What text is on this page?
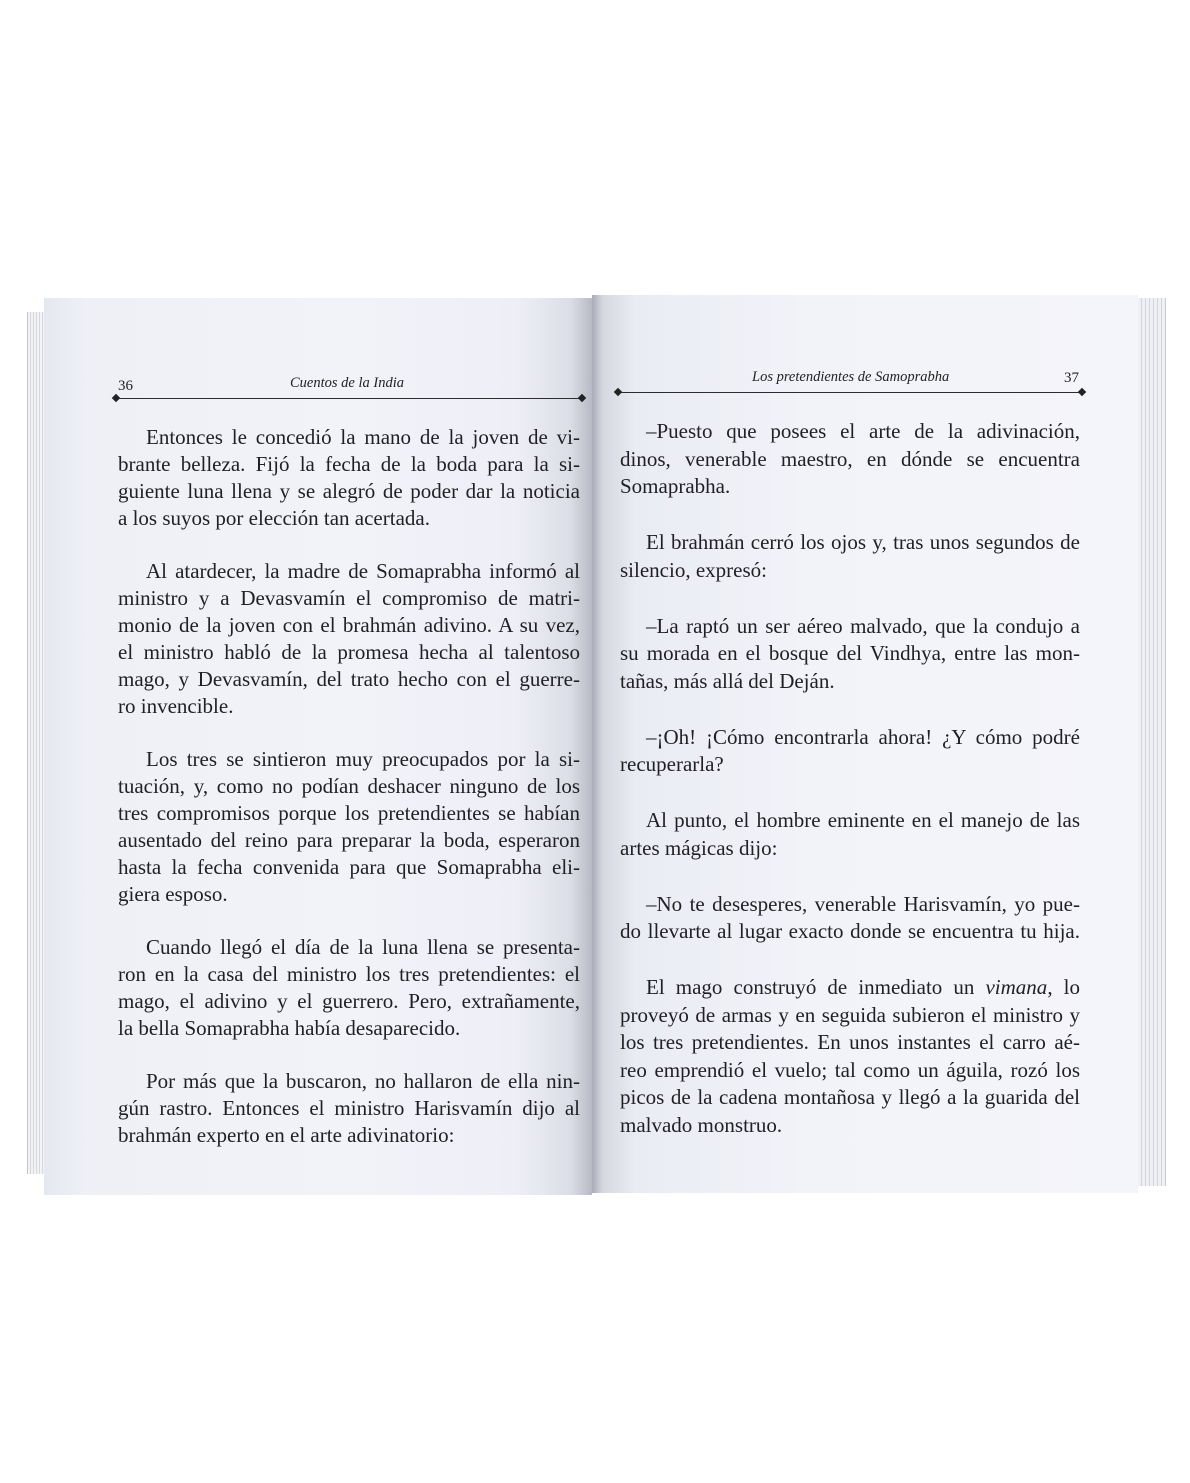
36	Cuentos de la India
Entonces le concedió la mano de la joven de vi-
brante belleza. Fijó la fecha de la boda para la si-
guiente luna llena y se alegró de poder dar la noticia
a los suyos por elección tan acertada.
Al atardecer, la madre de Somaprabha informó al
ministro y a Devasvamín el compromiso de matri-
monio de la joven con el brahmán adivino. A su vez,
el ministro habló de la promesa hecha al talentoso
mago, y Devasvamín, del trato hecho con el guerre-
ro invencible.
Los tres se sintieron muy preocupados por la si-
tuación, y, como no podían deshacer ninguno de los
tres compromisos porque los pretendientes se habían
ausentado del reino para preparar la boda, esperaron
hasta la fecha convenida para que Somaprabha eli-
giera esposo.
Cuando llegó el día de la luna llena se presenta-
ron en la casa del ministro los tres pretendientes: el
mago, el adivino y el guerrero. Pero, extrañamente,
la bella Somaprabha había desaparecido.
Por más que la buscaron, no hallaron de ella nin-
gún rastro. Entonces el ministro Harisvamín dijo al
brahmán experto en el arte adivinatorio:
Los pretendientes de Samoprabha	37
–Puesto que posees el arte de la adivinación,
dinos, venerable maestro, en dónde se encuentra
Somaprabha.
El brahmán cerró los ojos y, tras unos segundos de
silencio, expresó:
–La raptó un ser aéreo malvado, que la condujo a
su morada en el bosque del Vindhya, entre las mon-
tañas, más allá del Deján.
–¡Oh! ¡Cómo encontrarla ahora! ¿Y cómo podré
recuperarla?
Al punto, el hombre eminente en el manejo de las
artes mágicas dijo:
–No te desesperes, venerable Harisvamín, yo pue-
do llevarte al lugar exacto donde se encuentra tu hija.
El mago construyó de inmediato un vimana, lo
proveyó de armas y en seguida subieron el ministro y
los tres pretendientes. En unos instantes el carro aé-
reo emprendió el vuelo; tal como un águila, rozó los
picos de la cadena montañosa y llegó a la guarida del
malvado monstruo.
